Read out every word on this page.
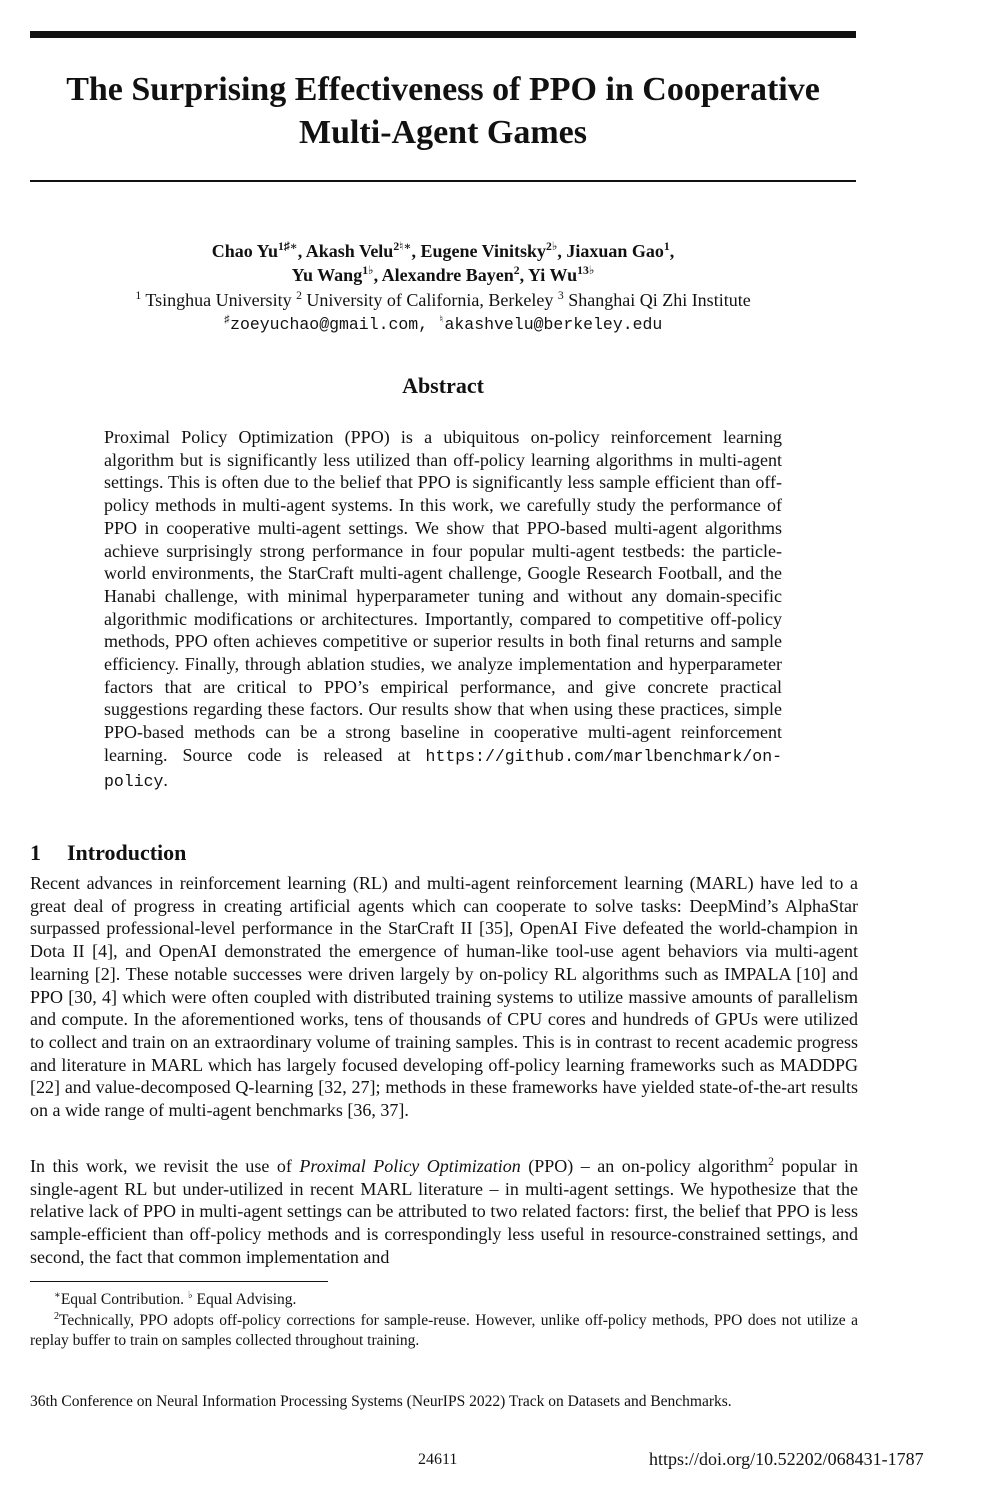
The Surprising Effectiveness of PPO in Cooperative
Multi-Agent Games
Chao $Yu^{1♯∗}$, Akash Velu$^{2♮∗}$, Eugene Vinitsky$^{2♭}$, Jiaxuan Gao$^1$,
Yu Wang$^{1♭}$, Alexandre Bayen$^2$, Yi $Wu^{13♭}$
$^1$ Tsinghua University $^2$ University of California, Berkeley $^3$ Shanghai Qi Zhi Institute
♯zoeyuchao@gmail.com, ♮akashvelu@berkeley.edu
Abstract

Proximal Policy Optimization (PPO) is a ubiquitous on-policy reinforcement learning algorithm but is significantly less utilized than off-policy learning algorithms in multi-agent settings. This is often due to the belief that PPO is significantly less sample efficient than off-policy methods in multi-agent systems. In this work, we carefully study the performance of PPO in cooperative multi-agent settings. We show that PPO-based multi-agent algorithms achieve surprisingly strong performance in four popular multi-agent testbeds: the particle-world environments, the StarCraft multi-agent challenge, Google Research Football, and the Hanabi challenge, with minimal hyperparameter tuning and without any domain-specific algorithmic modifications or architectures. Importantly, compared to competitive off-policy methods, PPO often achieves competitive or superior results in both final returns and sample efficiency. Finally, through ablation studies, we analyze implementation and hyperparameter factors that are critical to PPO’s empirical performance, and give concrete practical suggestions regarding these factors. Our results show that when using these practices, simple PPO-based methods can be a strong baseline in cooperative multi-agent reinforcement learning. Source code is released at https://github.com/marlbenchmark/on-policy.

1 Introduction

Recent advances in reinforcement learning (RL) and multi-agent reinforcement learning (MARL) have led to a great deal of progress in creating artificial agents which can cooperate to solve tasks: DeepMind’s AlphaStar surpassed professional-level performance in the StarCraft II [35], OpenAI Five defeated the world-champion in Dota II [4], and OpenAI demonstrated the emergence of human-like tool-use agent behaviors via multi-agent learning [2]. These notable successes were driven largely by on-policy RL algorithms such as IMPALA [10] and PPO [30, 4] which were often coupled with distributed training systems to utilize massive amounts of parallelism and compute. In the aforementioned works, tens of thousands of CPU cores and hundreds of GPUs were utilized to collect and train on an extraordinary volume of training samples. This is in contrast to recent academic progress and literature in MARL which has largely focused developing off-policy learning frameworks such as MADDPG [22] and value-decomposed Q-learning [32, 27]; methods in these frameworks have yielded state-of-the-art results on a wide range of multi-agent benchmarks [36, 37].

In this work, we revisit the use of Proximal Policy Optimization (PPO) – an on-policy algorithm$^2$ popular in single-agent RL but under-utilized in recent MARL literature – in multi-agent settings. We hypothesize that the relative lack of PPO in multi-agent settings can be attributed to two related factors: first, the belief that PPO is less sample-efficient than off-policy methods and is correspondingly less useful in resource-constrained settings, and second, the fact that common implementation and

∗Equal Contribution. ♭ Equal Advising.
$^2$Technically, PPO adopts off-policy corrections for sample-reuse. However, unlike off-policy methods, PPO does not utilize a replay buffer to train on samples collected throughout training.
36th Conference on Neural Information Processing Systems (NeurIPS 2022) Track on Datasets and Benchmarks.
24611	https://doi.org/10.52202/068431-1787
